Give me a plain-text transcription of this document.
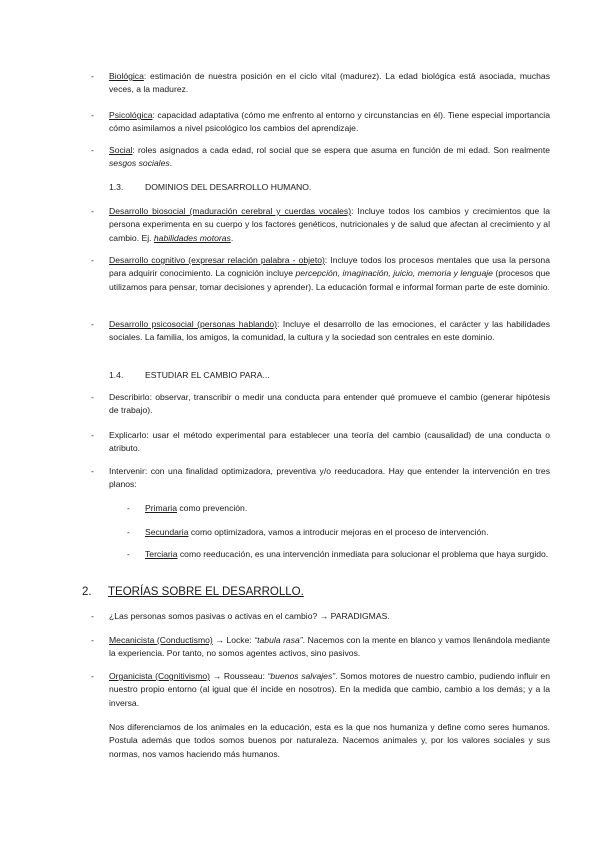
- Biológica: estimación de nuestra posición en el ciclo vital (madurez). La edad biológica está asociada, muchas veces, a la madurez.
- Psicológica: capacidad adaptativa (cómo me enfrento al entorno y circunstancias en él). Tiene especial importancia cómo asimilamos a nivel psicológico los cambios del aprendizaje.
- Social: roles asignados a cada edad, rol social que se espera que asuma en función de mi edad. Son realmente sesgos sociales.
1.3.	DOMINIOS DEL DESARROLLO HUMANO.
- Desarrollo biosocial (maduración cerebral y cuerdas vocales): Incluye todos los cambios y crecimientos que la persona experimenta en su cuerpo y los factores genéticos, nutricionales y de salud que afectan al crecimiento y al cambio. Ej. habilidades motoras.
- Desarrollo cognitivo (expresar relación palabra - objeto): Incluye todos los procesos mentales que usa la persona para adquirir conocimiento. La cognición incluye percepción, imaginación, juicio, memoria y lenguaje (procesos que utilizamos para pensar, tomar decisiones y aprender). La educación formal e informal forman parte de este dominio.
- Desarrollo psicosocial (personas hablando): Incluye el desarrollo de las emociones, el carácter y las habilidades sociales. La familia, los amigos, la comunidad, la cultura y la sociedad son centrales en este dominio.
1.4.	ESTUDIAR EL CAMBIO PARA...
- Describirlo: observar, transcribir o medir una conducta para entender qué promueve el cambio (generar hipótesis de trabajo).
- Explicarlo: usar el método experimental para establecer una teoría del cambio (causalidad) de una conducta o atributo.
- Intervenir: con una finalidad optimizadora, preventiva y/o reeducadora. Hay que entender la intervención en tres planos:
- Primaria como prevención.
- Secundaria como optimizadora, vamos a introducir mejoras en el proceso de intervención.
- Terciaria como reeducación, es una intervención inmediata para solucionar el problema que haya surgido.
2. TEORÍAS SOBRE EL DESARROLLO.
- ¿Las personas somos pasivas o activas en el cambio? → PARADIGMAS.
- Mecanicista (Conductismo) → Locke: “tabula rasa”. Nacemos con la mente en blanco y vamos llenándola mediante la experiencia. Por tanto, no somos agentes activos, sino pasivos.
- Organicista (Cognitivismo) → Rousseau: “buenos salvajes”. Somos motores de nuestro cambio, pudiendo influir en nuestro propio entorno (al igual que él incide en nosotros). En la medida que cambio, cambio a los demás; y a la inversa.
Nos diferenciamos de los animales en la educación, esta es la que nos humaniza y define como seres humanos. Postula además que todos somos buenos por naturaleza. Nacemos animales y, por los valores sociales y sus normas, nos vamos haciendo más humanos.
